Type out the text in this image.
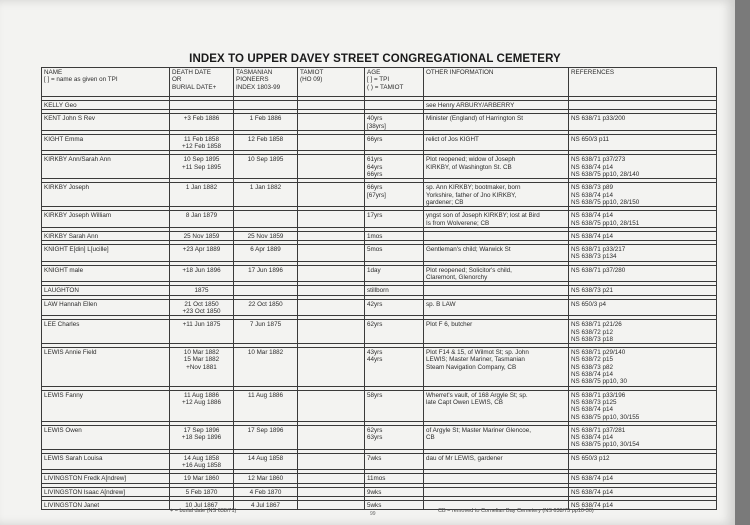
INDEX TO UPPER DAVEY STREET CONGREGATIONAL CEMETERY
NAME
[ ] = name as given on TPI	DEATH DATE
OR
BURIAL DATE+	TASMANIAN
PIONEERS
INDEX 1803-99	TAMIOT
(HO 09)	AGE
[ ] = TPI
( ) = TAMIOT	OTHER INFORMATION	REFERENCES

KELLY Geo					see Henry ARBURY/ARBERRY	

KENT John S Rev	+3 Feb 1886	1 Feb 1886		40yrs
[38yrs]	Minister (England) of Harrington St	NS 638/71 p33/200

KIGHT Emma	11 Feb 1858
+12 Feb 1858	12 Feb 1858		66yrs	relict of Jos KIGHT	NS 650/3 p11

KIRKBY Ann/Sarah Ann	10 Sep 1895
+11 Sep 1895	10 Sep 1895		61yrs
64yrs
66yrs	Plot reopened; widow of Joseph
KIRKBY, of Washington St. CB	NS 638/71 p37/273
NS 638/74 p14
NS 638/75 pp10, 28/140

KIRKBY Joseph	1 Jan 1882	1 Jan 1882		66yrs
[67yrs]	sp. Ann KIRKBY; bootmaker, born
Yorkshire, father of Jno KIRKBY,
gardener; CB	NS 638/73 p89
NS 638/74 p14
NS 638/75 pp10, 28/150

KIRKBY Joseph William	8 Jan 1879			17yrs	yngst son of Joseph KIRKBY; lost at Bird
Is from Wolverene; CB	NS 638/74 p14
NS 638/75 pp10, 28/151

KIRKBY Sarah Ann	25 Nov 1859	25 Nov 1859		1mos		NS 638/74 p14

KNIGHT E[din] L[ucille]	+23 Apr 1889	6 Apr 1889		5mos	Gentleman's child; Warwick St	NS 638/71 p33/217
NS 638/73 p134

KNIGHT male	+18 Jun 1896	17 Jun 1896		1day	Plot reopened; Solicitor's child,
Claremont, Glenorchy	NS 638/71 p37/280

LAUGHTON	1875			stillborn		NS 638/73 p21

LAW Hannah Ellen	21 Oct 1850
+23 Oct 1850	22 Oct 1850		42yrs	sp. B LAW	NS 650/3 p4

LEE Charles	+11 Jun 1875	7 Jun 1875		62yrs	Plot F 6, butcher	NS 638/71 p21/26
NS 638/72 p12
NS 638/73 p18

LEWIS Annie Field	10 Mar 1882
15 Mar 1882
+Nov 1881	10 Mar 1882		43yrs
44yrs	Plot F14 & 15, of Wilmot St; sp. John
LEWIS; Master Mariner, Tasmanian
Steam Navigation Company, CB	NS 638/71 p29/140
NS 638/72 p15
NS 638/73 p82
NS 638/74 p14
NS 638/75 pp10, 30

LEWIS Fanny	11 Aug 1886
+12 Aug 1886	11 Aug 1886		58yrs	Wherret's vault, of 168 Argyle St; sp.
late Capt Owen LEWIS, CB	NS 638/71 p33/196
NS 638/73 p125
NS 638/74 p14
NS 638/75 pp10, 30/155

LEWIS Owen	17 Sep 1896
+18 Sep 1896	17 Sep 1896		62yrs
63yrs	of Argyle St; Master Mariner Glencoe,
CB	NS 638/71 p37/281
NS 638/74 p14
NS 638/75 pp10, 30/154

LEWIS Sarah Louisa	14 Aug 1858
+16 Aug 1858	14 Aug 1858		7wks	dau of Mr LEWIS, gardener	NS 650/3 p12

LIVINGSTON Fredk A[ndrew]	19 Mar 1860	12 Mar 1860		11mos		NS 638/74 p14

LIVINGSTON Isaac A[ndrew]	5 Feb 1870	4 Feb 1870		9wks		NS 638/74 p14

LIVINGSTON Janet	10 Jul 1867	4 Jul 1867		5wks		NS 638/74 p14
+ = burial date (NS 638/71)	99	CB = removed to Cornelian Bay Cemetery (NS 638/75 pp10-30)
